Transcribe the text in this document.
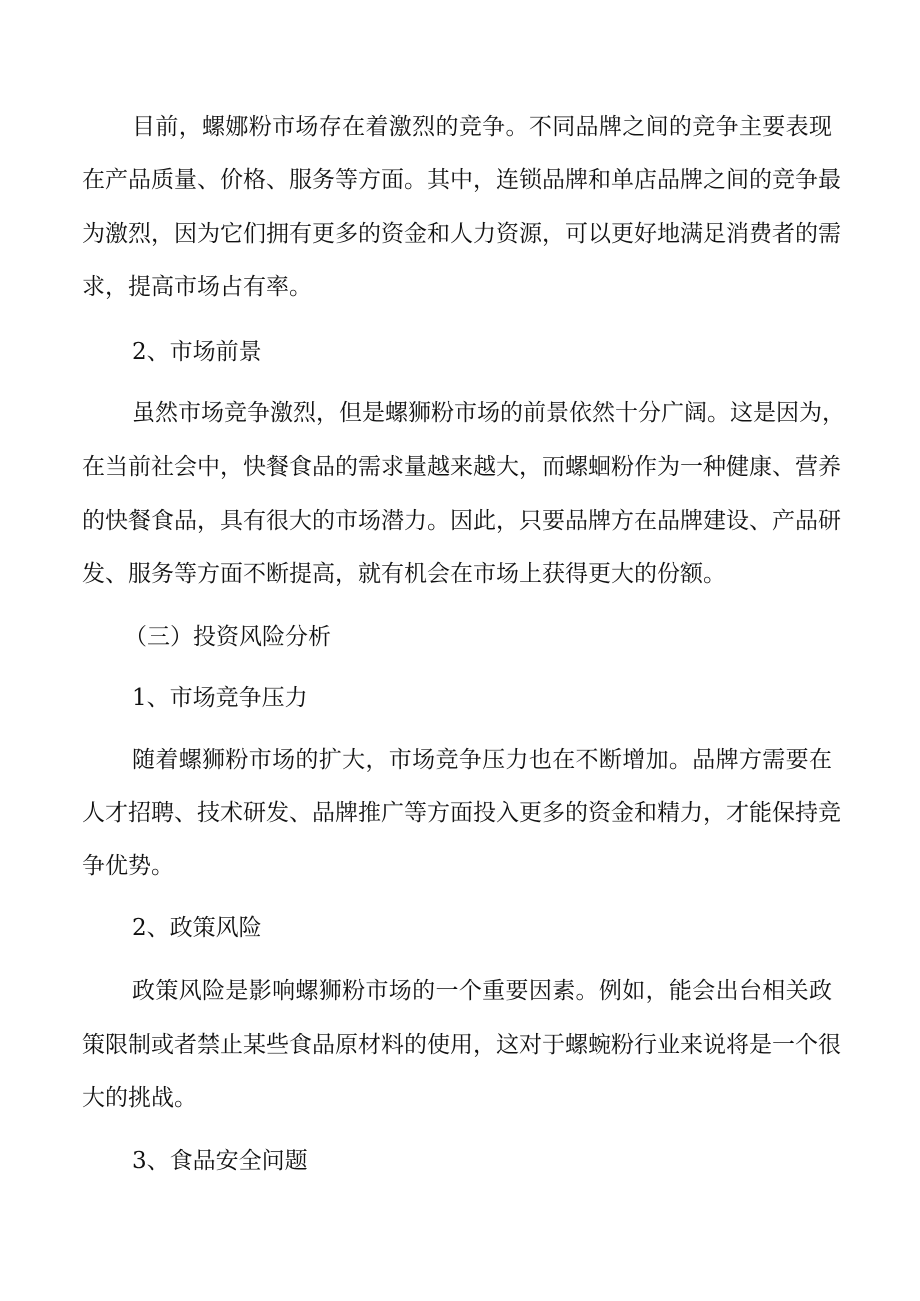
目前，螺娜粉市场存在着激烈的竞争。不同品牌之间的竞争主要表现
在产品质量、价格、服务等方面。其中，连锁品牌和单店品牌之间的竞争最
为激烈，因为它们拥有更多的资金和人力资源，可以更好地满足消费者的需
求，提高市场占有率。
2、市场前景
虽然市场竞争激烈，但是螺狮粉市场的前景依然十分广阔。这是因为，
在当前社会中，快餐食品的需求量越来越大，而螺蛔粉作为一种健康、营养
的快餐食品，具有很大的市场潜力。因此，只要品牌方在品牌建设、产品研
发、服务等方面不断提高，就有机会在市场上获得更大的份额。
（三）投资风险分析
1、市场竞争压力
随着螺狮粉市场的扩大，市场竞争压力也在不断增加。品牌方需要在
人才招聘、技术研发、品牌推广等方面投入更多的资金和精力，才能保持竞
争优势。
2、政策风险
政策风险是影响螺狮粉市场的一个重要因素。例如，能会出台相关政
策限制或者禁止某些食品原材料的使用，这对于螺蜿粉行业来说将是一个很
大的挑战。
3、食品安全问题
